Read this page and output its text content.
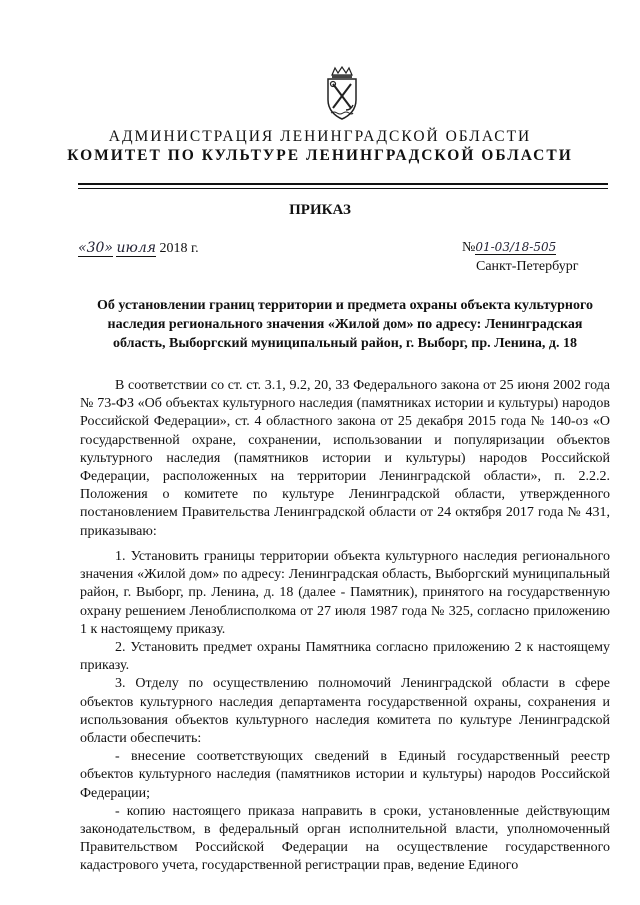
АДМИНИСТРАЦИЯ ЛЕНИНГРАДСКОЙ ОБЛАСТИ
КОМИТЕТ ПО КУЛЬТУРЕ ЛЕНИНГРАДСКОЙ ОБЛАСТИ
ПРИКАЗ
«30» июля 2018 г.	№01-03/18-505
Санкт-Петербург
Об установлении границ территории и предмета охраны объекта культурного наследия регионального значения «Жилой дом» по адресу: Ленинградская область, Выборгский муниципальный район, г. Выборг, пр. Ленина, д. 18

В соответствии со ст. ст. 3.1, 9.2, 20, 33 Федерального закона от 25 июня 2002 года № 73-ФЗ «Об объектах культурного наследия (памятниках истории и культуры) народов Российской Федерации», ст. 4 областного закона от 25 декабря 2015 года № 140-оз «О государственной охране, сохранении, использовании и популяризации объектов культурного наследия (памятников истории и культуры) народов Российской Федерации, расположенных на территории Ленинградской области», п. 2.2.2. Положения о комитете по культуре Ленинградской области, утвержденного постановлением Правительства Ленинградской области от 24 октября 2017 года № 431, приказываю:

1. Установить границы территории объекта культурного наследия регионального значения «Жилой дом» по адресу: Ленинградская область, Выборгский муниципальный район, г. Выборг, пр. Ленина, д. 18 (далее - Памятник), принятого на государственную охрану решением Леноблисполкома от 27 июля 1987 года № 325, согласно приложению 1 к настоящему приказу.

2. Установить предмет охраны Памятника согласно приложению 2 к настоящему приказу.

3. Отделу по осуществлению полномочий Ленинградской области в сфере объектов культурного наследия департамента государственной охраны, сохранения и использования объектов культурного наследия комитета по культуре Ленинградской области обеспечить:

- внесение соответствующих сведений в Единый государственный реестр объектов культурного наследия (памятников истории и культуры) народов Российской Федерации;

- копию настоящего приказа направить в сроки, установленные действующим законодательством, в федеральный орган исполнительной власти, уполномоченный Правительством Российской Федерации на осуществление государственного кадастрового учета, государственной регистрации прав, ведение Единого
